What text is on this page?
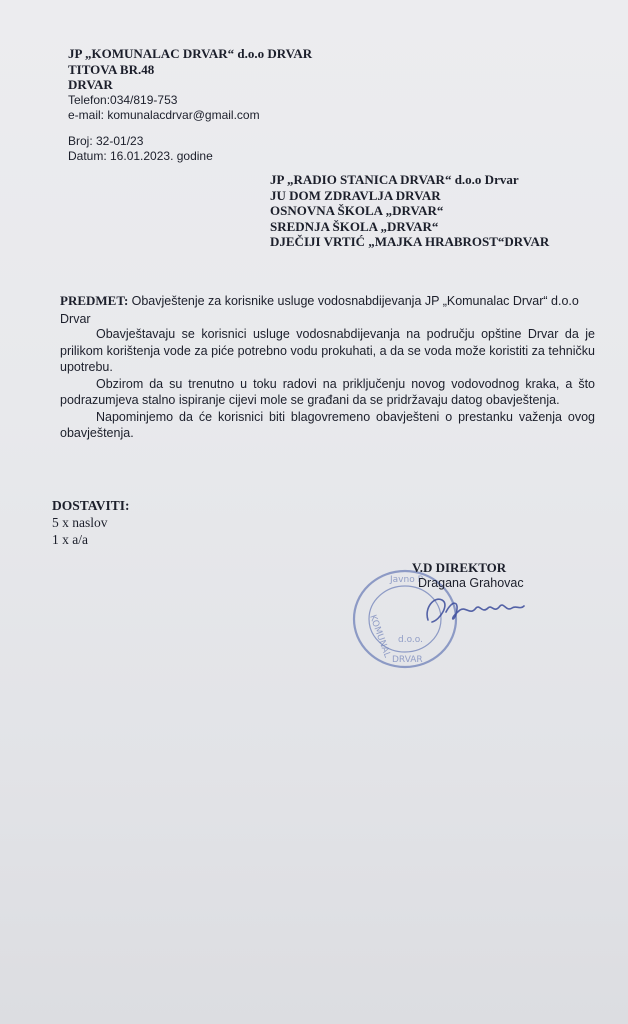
JP „KOMUNALAC DRVAR“ d.o.o DRVAR
TITOVA BR.48
DRVAR
Telefon:034/819-753
e-mail: komunalacdrvar@gmail.com
Broj: 32-01/23
Datum: 16.01.2023. godine
JP „RADIO STANICA DRVAR“ d.o.o Drvar
JU DOM ZDRAVLJA DRVAR
OSNOVNA ŠKOLA „DRVAR“
SREDNJA ŠKOLA „DRVAR“
DJEČIJI VRTIĆ „MAJKA HRABROST“DRVAR
PREDMET: Obavještenje za korisnike usluge vodosnabdijevanja JP „Komunalac Drvar“ d.o.o Drvar

Obavještavaju se korisnici usluge vodosnabdijevanja na području opštine Drvar da je prilikom korištenja vode za piće potrebno vodu prokuhati, a da se voda može koristiti za tehničku upotrebu.

Obzirom da su trenutno u toku radovi na priključenju novog vodovodnog kraka, a što podrazumjeva stalno ispiranje cijevi mole se građani da se pridržavaju datog obavještenja.

Napominjemo da će korisnici biti blagovremeno obavješteni o prestanku važenja ovog obavještenja.

DOSTAVITI:
5 x naslov
1 x a/a
Javno P
KOMUNAL d.o.o.
DRVAR
V.D DIREKTOR
Dragana Grahovac
